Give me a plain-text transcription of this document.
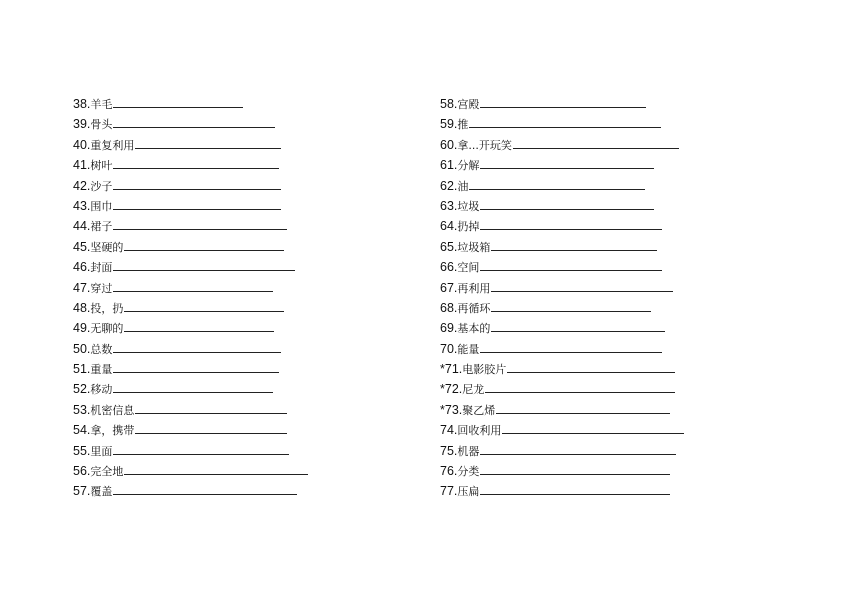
38.羊毛
39.骨头
40.重复利用
41.树叶
42.沙子
43.围巾
44.裙子
45.坚硬的
46.封面
47.穿过
48.投，扔
49.无聊的
50.总数
51.重量
52.移动
53.机密信息
54.拿，携带
55.里面
56.完全地
57.覆盖
58.宫殿
59.推
60.拿...开玩笑
61.分解
62.油
63.垃圾
64.扔掉
65.垃圾箱
66.空间
67.再利用
68.再循环
69.基本的
70.能量
*71.电影胶片
*72.尼龙
*73.聚乙烯
74.回收利用
75.机器
76.分类
77.压扁
